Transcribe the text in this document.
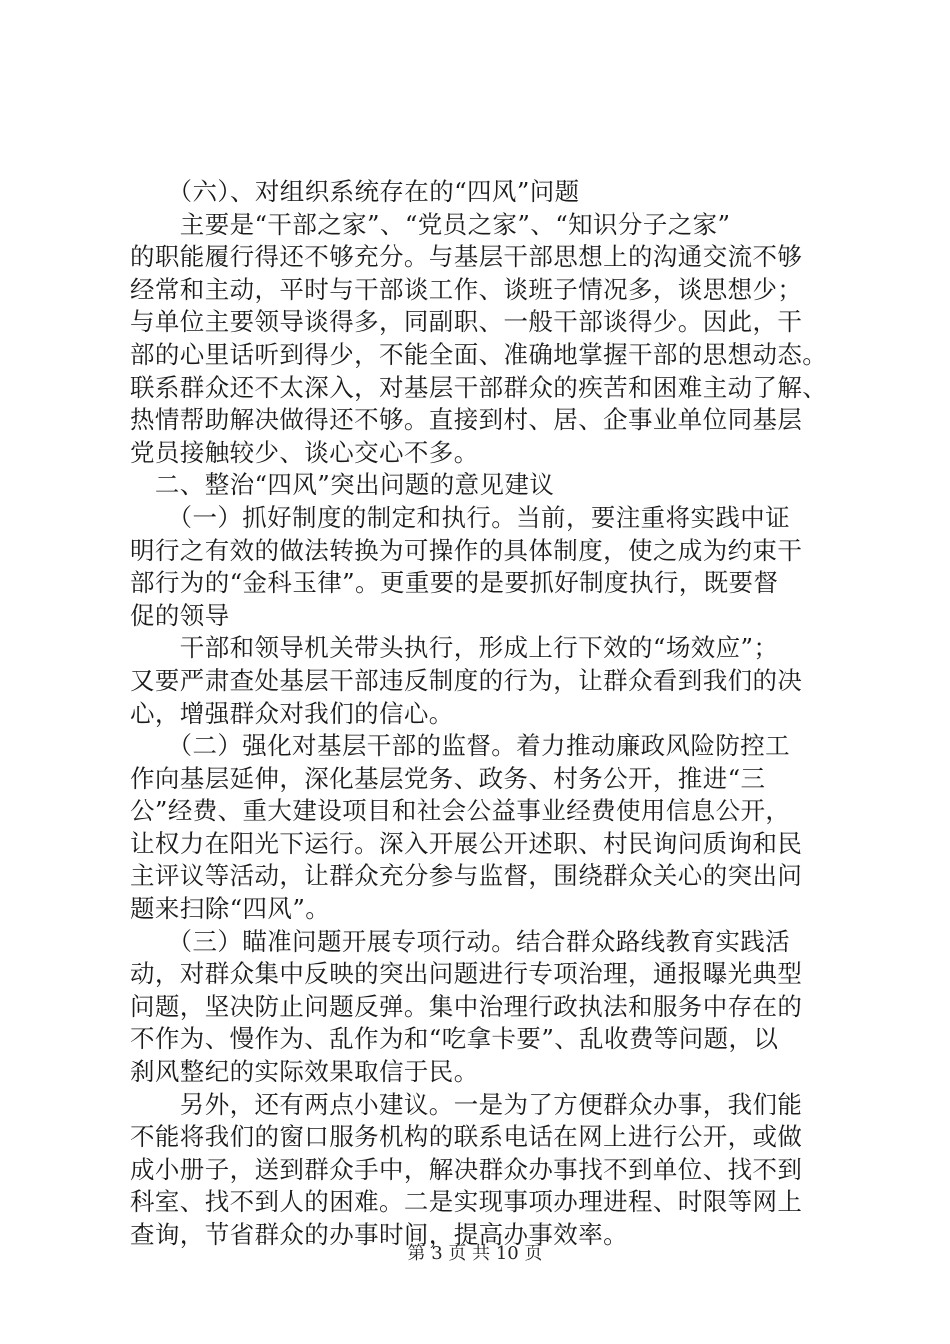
　　（六）、对组织系统存在的“四风”问题
　　主要是“干部之家”、“党员之家”、“知识分子之家”
的职能履行得还不够充分。与基层干部思想上的沟通交流不够
经常和主动，平时与干部谈工作、谈班子情况多，谈思想少；
与单位主要领导谈得多，同副职、一般干部谈得少。因此，干
部的心里话听到得少，不能全面、准确地掌握干部的思想动态。
联系群众还不太深入，对基层干部群众的疾苦和困难主动了解、
热情帮助解决做得还不够。直接到村、居、企事业单位同基层
党员接触较少、谈心交心不多。
　二、整治“四风”突出问题的意见建议
　　（一）抓好制度的制定和执行。当前，要注重将实践中证
明行之有效的做法转换为可操作的具体制度，使之成为约束干
部行为的“金科玉律”。更重要的是要抓好制度执行，既要督
促的领导
　　干部和领导机关带头执行，形成上行下效的“场效应”；
又要严肃查处基层干部违反制度的行为，让群众看到我们的决
心，增强群众对我们的信心。
　　（二）强化对基层干部的监督。着力推动廉政风险防控工
作向基层延伸，深化基层党务、政务、村务公开，推进“三
公”经费、重大建设项目和社会公益事业经费使用信息公开，
让权力在阳光下运行。深入开展公开述职、村民询问质询和民
主评议等活动，让群众充分参与监督，围绕群众关心的突出问
题来扫除“四风”。
　　（三）瞄准问题开展专项行动。结合群众路线教育实践活
动，对群众集中反映的突出问题进行专项治理，通报曝光典型
问题，坚决防止问题反弹。集中治理行政执法和服务中存在的
不作为、慢作为、乱作为和“吃拿卡要”、乱收费等问题，以
刹风整纪的实际效果取信于民。
　　另外，还有两点小建议。一是为了方便群众办事，我们能
不能将我们的窗口服务机构的联系电话在网上进行公开，或做
成小册子，送到群众手中，解决群众办事找不到单位、找不到
科室、找不到人的困难。二是实现事项办理进程、时限等网上
查询，节省群众的办事时间，提高办事效率。
第 3 页 共 10 页
